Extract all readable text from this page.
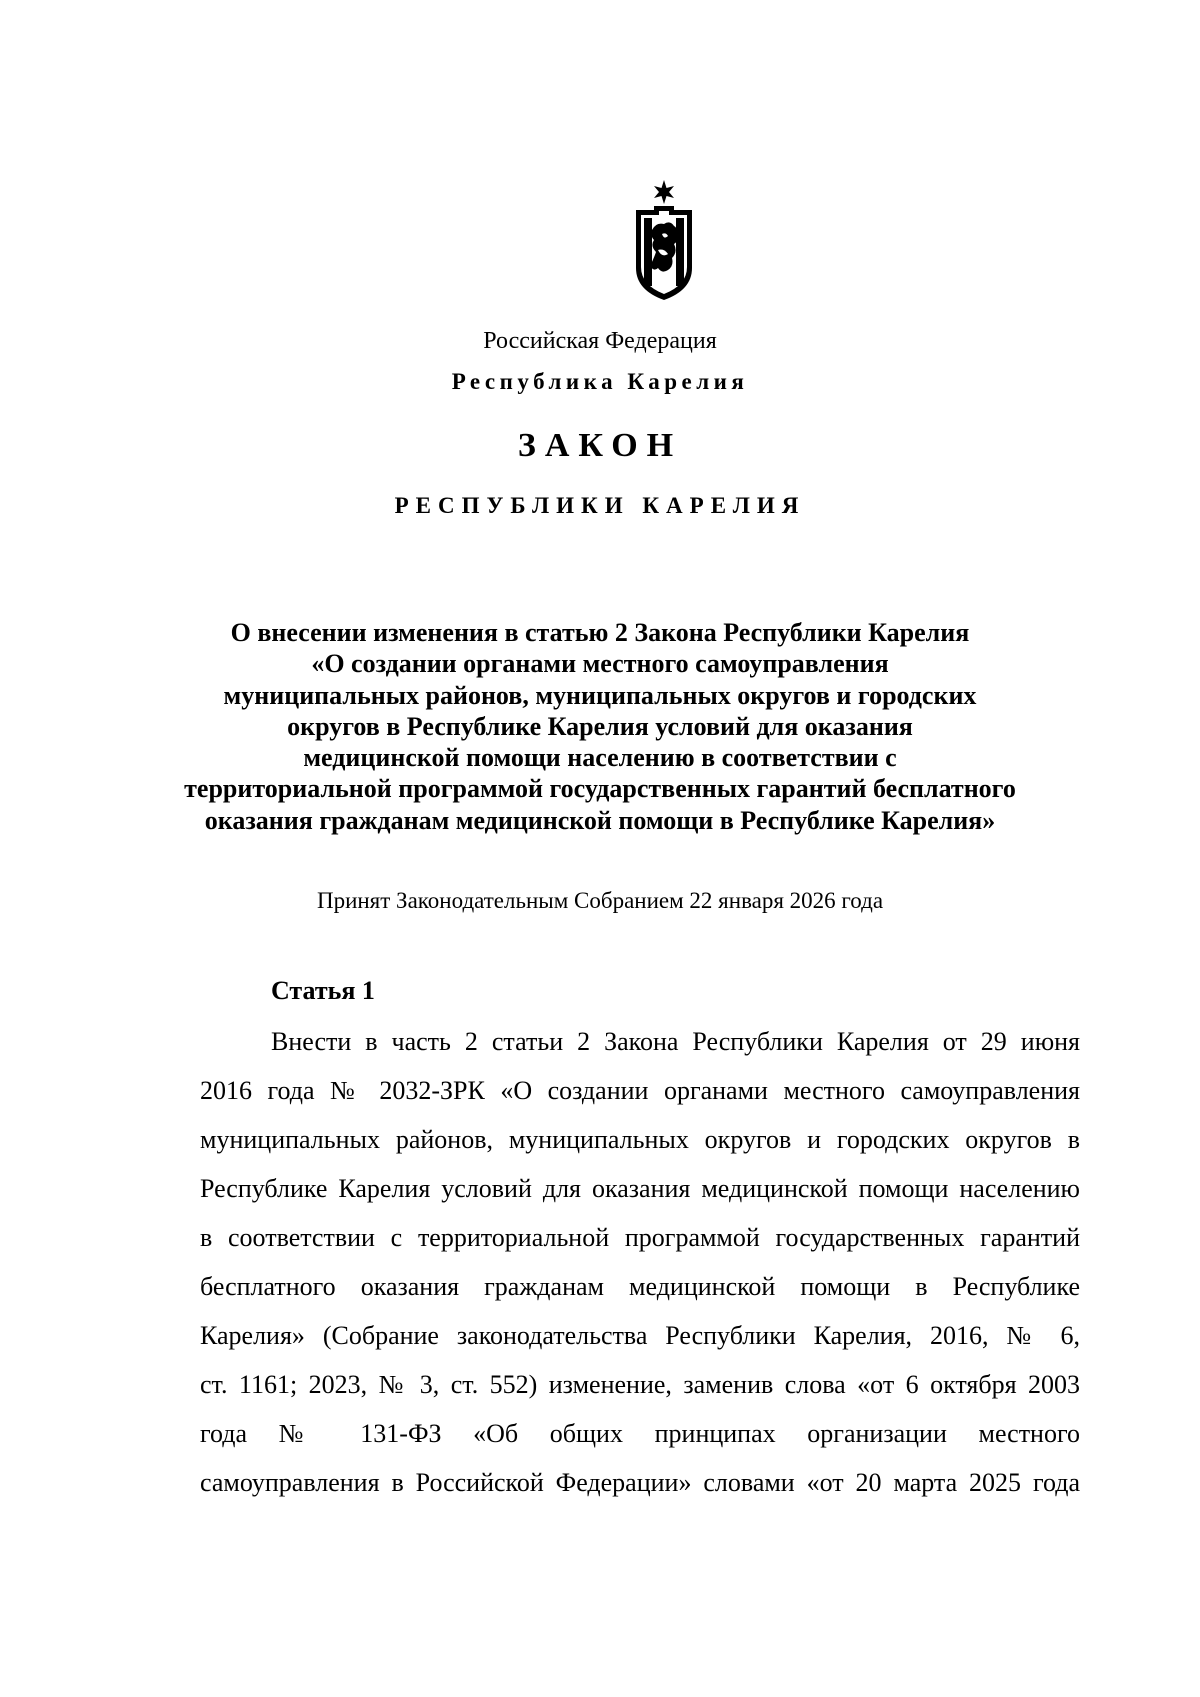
Российская Федерация
Республика Карелия
ЗАКОН
РЕСПУБЛИКИ КАРЕЛИЯ
О внесении изменения в статью 2 Закона Республики Карелия
«О создании органами местного самоуправления
муниципальных районов, муниципальных округов и городских
округов в Республике Карелия условий для оказания
медицинской помощи населению в соответствии с
территориальной программой государственных гарантий бесплатного
оказания гражданам медицинской помощи в Республике Карелия»
Принят Законодательным Собранием 22 января 2026 года
Статья 1
Внести в часть 2 статьи 2 Закона Республики Карелия от 29 июня
2016 года № 2032-ЗРК «О создании органами местного самоуправления
муниципальных районов, муниципальных округов и городских округов в
Республике Карелия условий для оказания медицинской помощи населению
в соответствии с территориальной программой государственных гарантий
бесплатного оказания гражданам медицинской помощи в Республике
Карелия» (Собрание законодательства Республики Карелия, 2016, № 6,
ст. 1161; 2023, № 3, ст. 552) изменение, заменив слова «от 6 октября 2003
года № 131-ФЗ «Об общих принципах организации местного
самоуправления в Российской Федерации» словами «от 20 марта 2025 года
